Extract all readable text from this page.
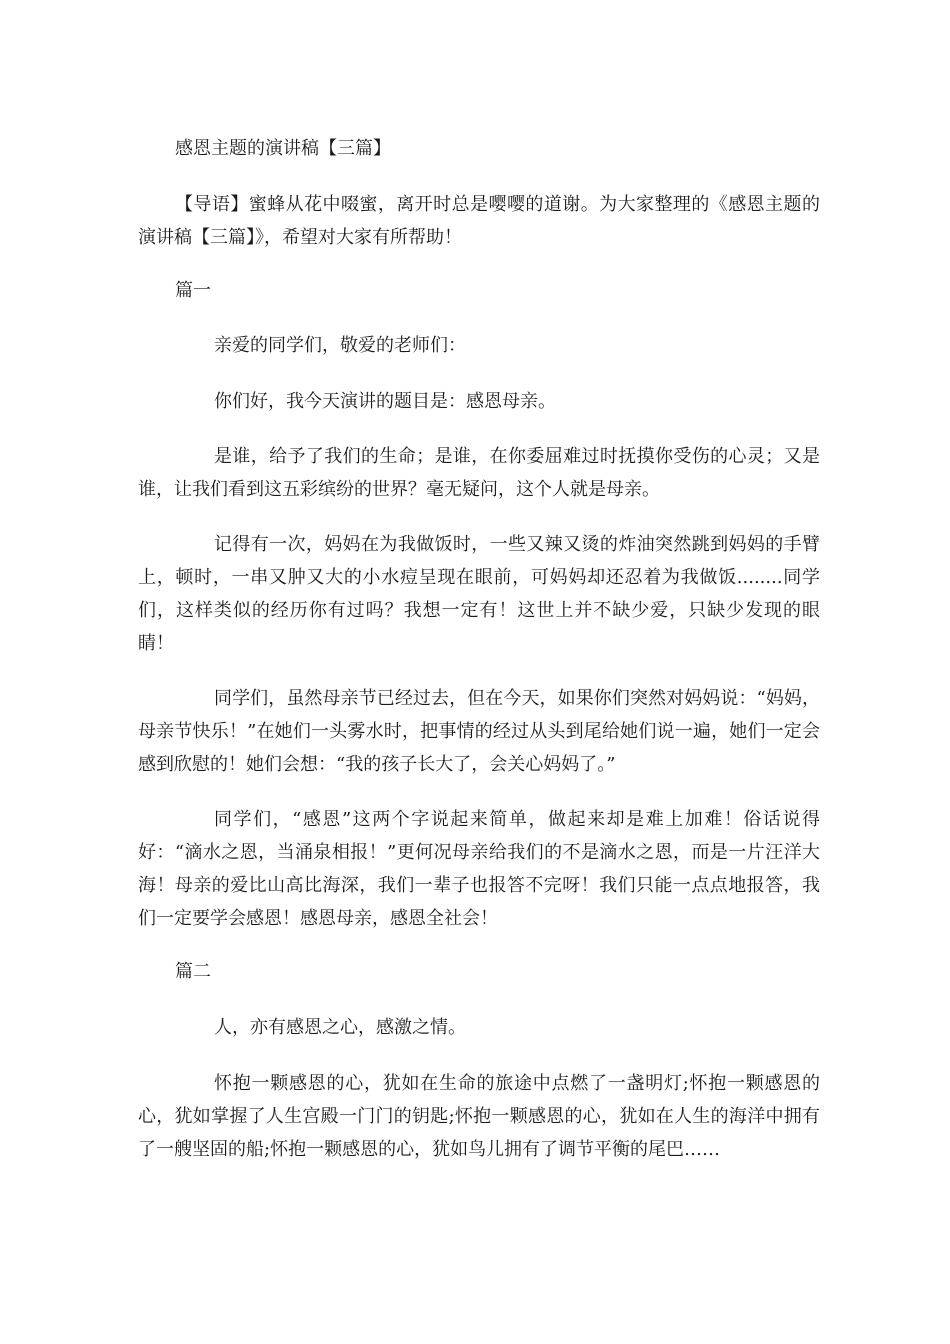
感恩主题的演讲稿【三篇】

【导语】蜜蜂从花中啜蜜，离开时总是嘤嘤的道谢。为大家整理的《感恩主题的演讲稿【三篇】》，希望对大家有所帮助！

篇一
亲爱的同学们，敬爱的老师们：
你们好，我今天演讲的题目是：感恩母亲。

是谁，给予了我们的生命；是谁，在你委屈难过时抚摸你受伤的心灵；又是谁，让我们看到这五彩缤纷的世界？毫无疑问，这个人就是母亲。

记得有一次，妈妈在为我做饭时，一些又辣又烫的炸油突然跳到妈妈的手臂上，顿时，一串又肿又大的小水痘呈现在眼前，可妈妈却还忍着为我做饭........同学们，这样类似的经历你有过吗？我想一定有！这世上并不缺少爱，只缺少发现的眼睛！

同学们，虽然母亲节已经过去，但在今天，如果你们突然对妈妈说：“妈妈，母亲节快乐！”在她们一头雾水时，把事情的经过从头到尾给她们说一遍，她们一定会感到欣慰的！她们会想：“我的孩子长大了，会关心妈妈了。”

同学们，“感恩”这两个字说起来简单，做起来却是难上加难！俗话说得好：“滴水之恩，当涌泉相报！”更何况母亲给我们的不是滴水之恩，而是一片汪洋大海！母亲的爱比山高比海深，我们一辈子也报答不完呀！我们只能一点点地报答，我们一定要学会感恩！感恩母亲，感恩全社会！

篇二
人，亦有感恩之心，感激之情。

怀抱一颗感恩的心，犹如在生命的旅途中点燃了一盏明灯;怀抱一颗感恩的心，犹如掌握了人生宫殿一门门的钥匙;怀抱一颗感恩的心，犹如在人生的海洋中拥有了一艘坚固的船;怀抱一颗感恩的心，犹如鸟儿拥有了调节平衡的尾巴……
